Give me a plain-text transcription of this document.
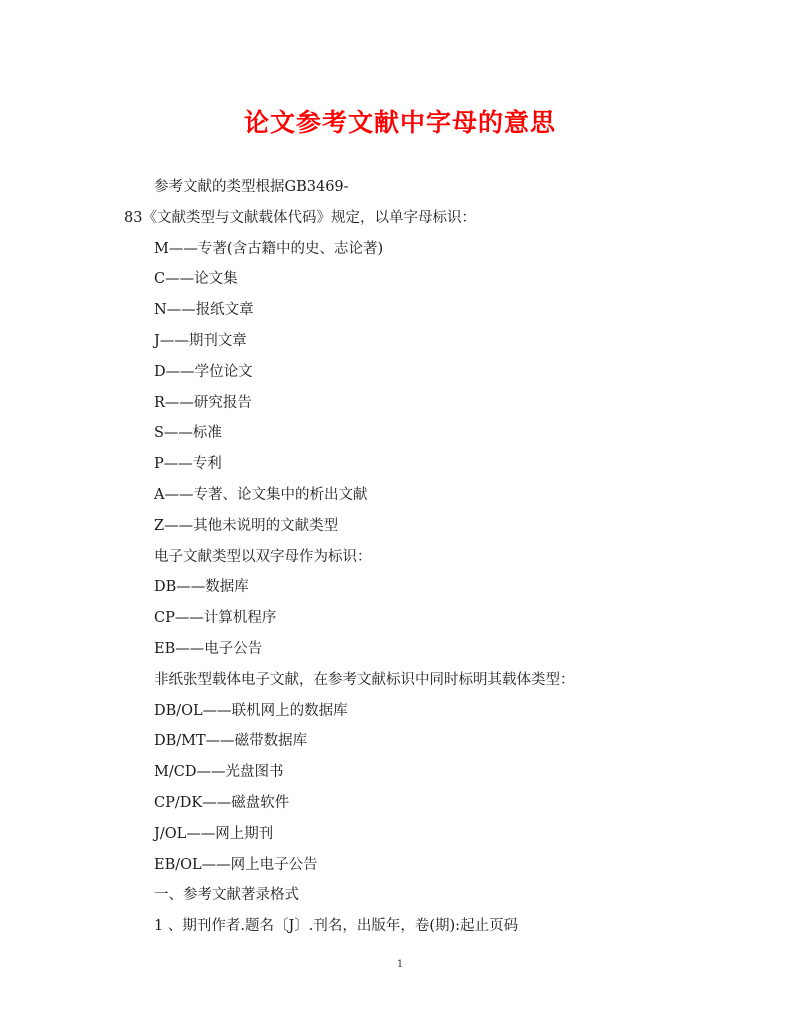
论文参考文献中字母的意思
参考文献的类型根据GB3469-
83《文献类型与文献载体代码》规定，以单字母标识：
M——专著(含古籍中的史、志论著)
C——论文集
N——报纸文章
J——期刊文章
D——学位论文
R——研究报告
S——标准
P——专利
A——专著、论文集中的析出文献
Z——其他未说明的文献类型
电子文献类型以双字母作为标识：
DB——数据库
CP——计算机程序
EB——电子公告
非纸张型载体电子文献，在参考文献标识中同时标明其载体类型：
DB/OL——联机网上的数据库
DB/MT——磁带数据库
M/CD——光盘图书
CP/DK——磁盘软件
J/OL——网上期刊
EB/OL——网上电子公告
一、参考文献著录格式
1 、期刊作者.题名〔J〕.刊名，出版年，卷(期):起止页码
1
